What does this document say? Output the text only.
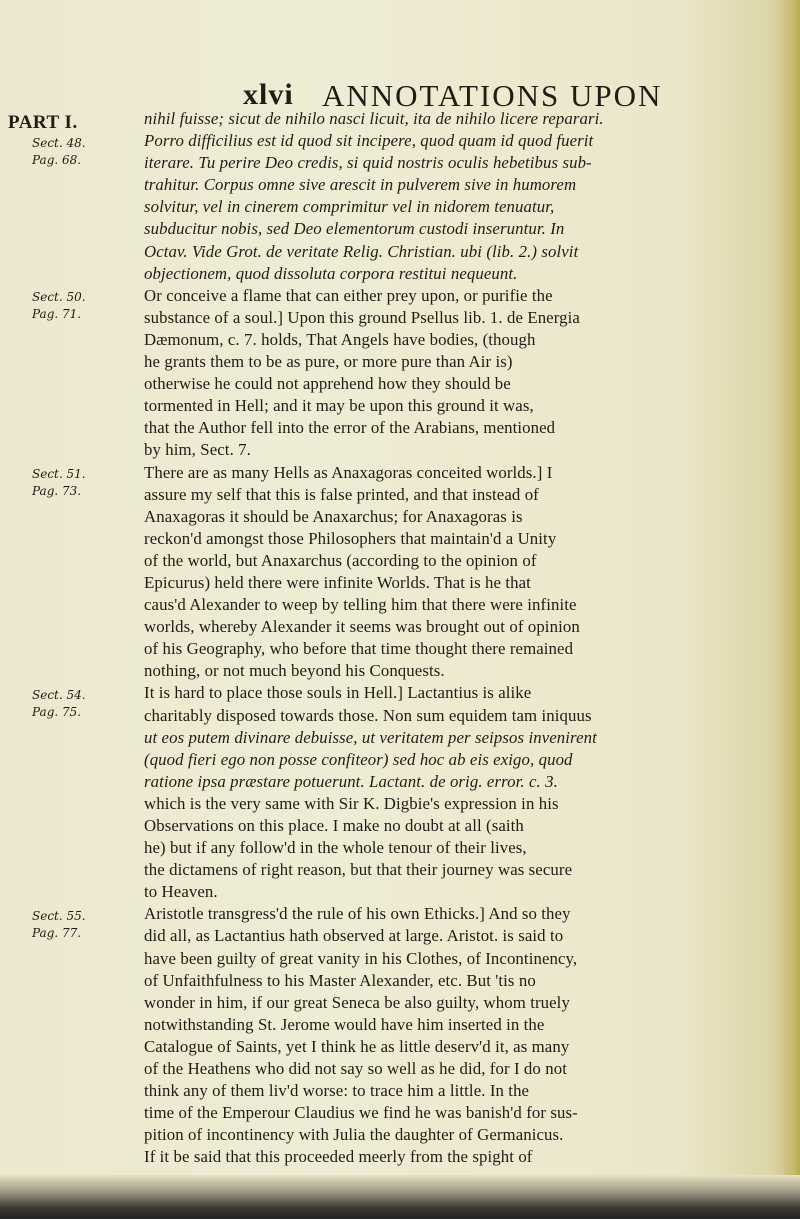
xlvi ANNOTATIONS UPON
PART I.
Sect. 48.
Pag. 68.
Sect. 50.
Pag. 71.
Sect. 51.
Pag. 73.
Sect. 54.
Pag. 75.
Sect. 55.
Pag. 77.
nihil fuisse; sicut de nihilo nasci licuit, ita de nihilo licere reparari.
Porro difficilius est id quod sit incipere, quod quam id quod fuerit
iterare. Tu perire Deo credis, si quid nostris oculis hebetibus sub-
trahitur. Corpus omne sive arescit in pulverem sive in humorem
solvitur, vel in cinerem comprimitur vel in nidorem tenuatur,
subducitur nobis, sed Deo elementorum custodi inseruntur. In
Octav. Vide Grot. de veritate Relig. Christian. ubi (lib. 2.) solvit
objectionem, quod dissoluta corpora restitui nequeunt.
Or conceive a flame that can either prey upon, or purifie the
substance of a soul.] Upon this ground Psellus lib. 1. de Energia
Dæmonum, c. 7. holds, That Angels have bodies, (though
he grants them to be as pure, or more pure than Air is)
otherwise he could not apprehend how they should be
tormented in Hell; and it may be upon this ground it was,
that the Author fell into the error of the Arabians, mentioned
by him, Sect. 7.
There are as many Hells as Anaxagoras conceited worlds.] I
assure my self that this is false printed, and that instead of
Anaxagoras it should be Anaxarchus; for Anaxagoras is
reckon'd amongst those Philosophers that maintain'd a Unity
of the world, but Anaxarchus (according to the opinion of
Epicurus) held there were infinite Worlds. That is he that
caus'd Alexander to weep by telling him that there were infinite
worlds, whereby Alexander it seems was brought out of opinion
of his Geography, who before that time thought there remained
nothing, or not much beyond his Conquests.
It is hard to place those souls in Hell.] Lactantius is alike
charitably disposed towards those. Non sum equidem tam iniquus
ut eos putem divinare debuisse, ut veritatem per seipsos invenirent
(quod fieri ego non posse confiteor) sed hoc ab eis exigo, quod
ratione ipsa præstare potuerunt. Lactant. de orig. error. c. 3.
which is the very same with Sir K. Digbie's expression in his
Observations on this place. I make no doubt at all (saith
he) but if any follow'd in the whole tenour of their lives,
the dictamens of right reason, but that their journey was secure
to Heaven.
Aristotle transgress'd the rule of his own Ethicks.] And so they
did all, as Lactantius hath observed at large. Aristot. is said to
have been guilty of great vanity in his Clothes, of Incontinency,
of Unfaithfulness to his Master Alexander, etc. But 'tis no
wonder in him, if our great Seneca be also guilty, whom truely
notwithstanding St. Jerome would have him inserted in the
Catalogue of Saints, yet I think he as little deserv'd it, as many
of the Heathens who did not say so well as he did, for I do not
think any of them liv'd worse: to trace him a little. In the
time of the Emperour Claudius we find he was banish'd for sus-
pition of incontinency with Julia the daughter of Germanicus.
If it be said that this proceeded meerly from the spight of
